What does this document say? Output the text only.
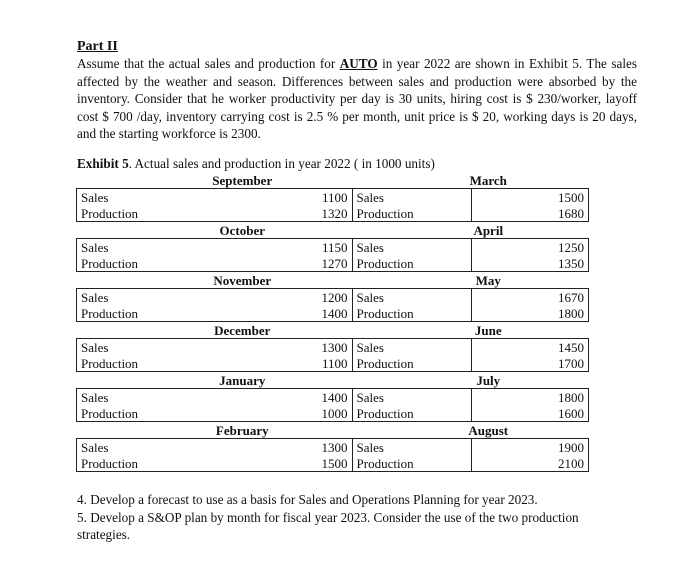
Part II
Assume that the actual sales and production for AUTO in year 2022 are shown in Exhibit 5. The sales affected by the weather and season. Differences between sales and production were absorbed by the inventory. Consider that he worker productivity per day is 30 units, hiring cost is $ 230/worker, layoff cost $ 700 /day, inventory carrying cost is 2.5 % per month, unit price is $ 20, working days is 20 days, and the starting workforce is 2300.
Exhibit 5. Actual sales and production in year 2022 ( in 1000 units)
September		March	
Sales	1100	Sales	1500
Production	1320	Production	1680
October		April	
Sales	1150	Sales	1250
Production	1270	Production	1350
November		May	
Sales	1200	Sales	1670
Production	1400	Production	1800
December		June	
Sales	1300	Sales	1450
Production	1100	Production	1700
January		July	
Sales	1400	Sales	1800
Production	1000	Production	1600
February		August	
Sales	1300	Sales	1900
Production	1500	Production	2100
4. Develop a forecast to use as a basis for Sales and Operations Planning for year 2023.
5. Develop a S&OP plan by month for fiscal year 2023. Consider the use of the two production strategies.
